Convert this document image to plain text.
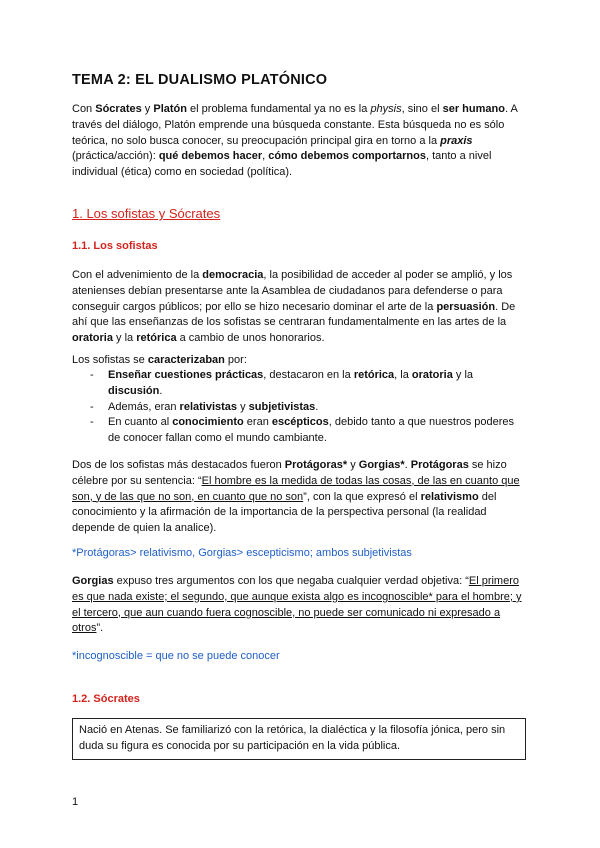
TEMA 2: EL DUALISMO PLATÓNICO

Con Sócrates y Platón el problema fundamental ya no es la physis, sino el ser humano. A través del diálogo, Platón emprende una búsqueda constante. Esta búsqueda no es sólo teórica, no solo busca conocer, su preocupación principal gira en torno a la praxis (práctica/acción): qué debemos hacer, cómo debemos comportarnos, tanto a nivel individual (ética) como en sociedad (política).

1. Los sofistas y Sócrates
1.1. Los sofistas

Con el advenimiento de la democracia, la posibilidad de acceder al poder se amplió, y los atenienses debían presentarse ante la Asamblea de ciudadanos para defenderse o para conseguir cargos públicos; por ello se hizo necesario dominar el arte de la persuasión. De ahí que las enseñanzas de los sofistas se centraran fundamentalmente en las artes de la oratoria y la retórica a cambio de unos honorarios.

Los sofistas se caracterizaban por:

- Enseñar cuestiones prácticas, destacaron en la retórica, la oratoria y la discusión.
- Además, eran relativistas y subjetivistas.
- En cuanto al conocimiento eran escépticos, debido tanto a que nuestros poderes de conocer fallan como el mundo cambiante.

Dos de los sofistas más destacados fueron Protágoras* y Gorgias*. Protágoras se hizo célebre por su sentencia: “El hombre es la medida de todas las cosas, de las en cuanto que son, y de las que no son, en cuanto que no son”, con la que expresó el relativismo del conocimiento y la afirmación de la importancia de la perspectiva personal (la realidad depende de quien la analice).

*Protágoras> relativismo, Gorgias> escepticismo; ambos subjetivistas

Gorgias expuso tres argumentos con los que negaba cualquier verdad objetiva: “El primero es que nada existe; el segundo, que aunque exista algo es incognoscible* para el hombre; y el tercero, que aun cuando fuera cognoscible, no puede ser comunicado ni expresado a otros”.

*incognoscible = que no se puede conocer

1.2. Sócrates
Nació en Atenas. Se familiarizó con la retórica, la dialéctica y la filosofía jónica, pero sin duda su figura es conocida por su participación en la vida pública.
1
